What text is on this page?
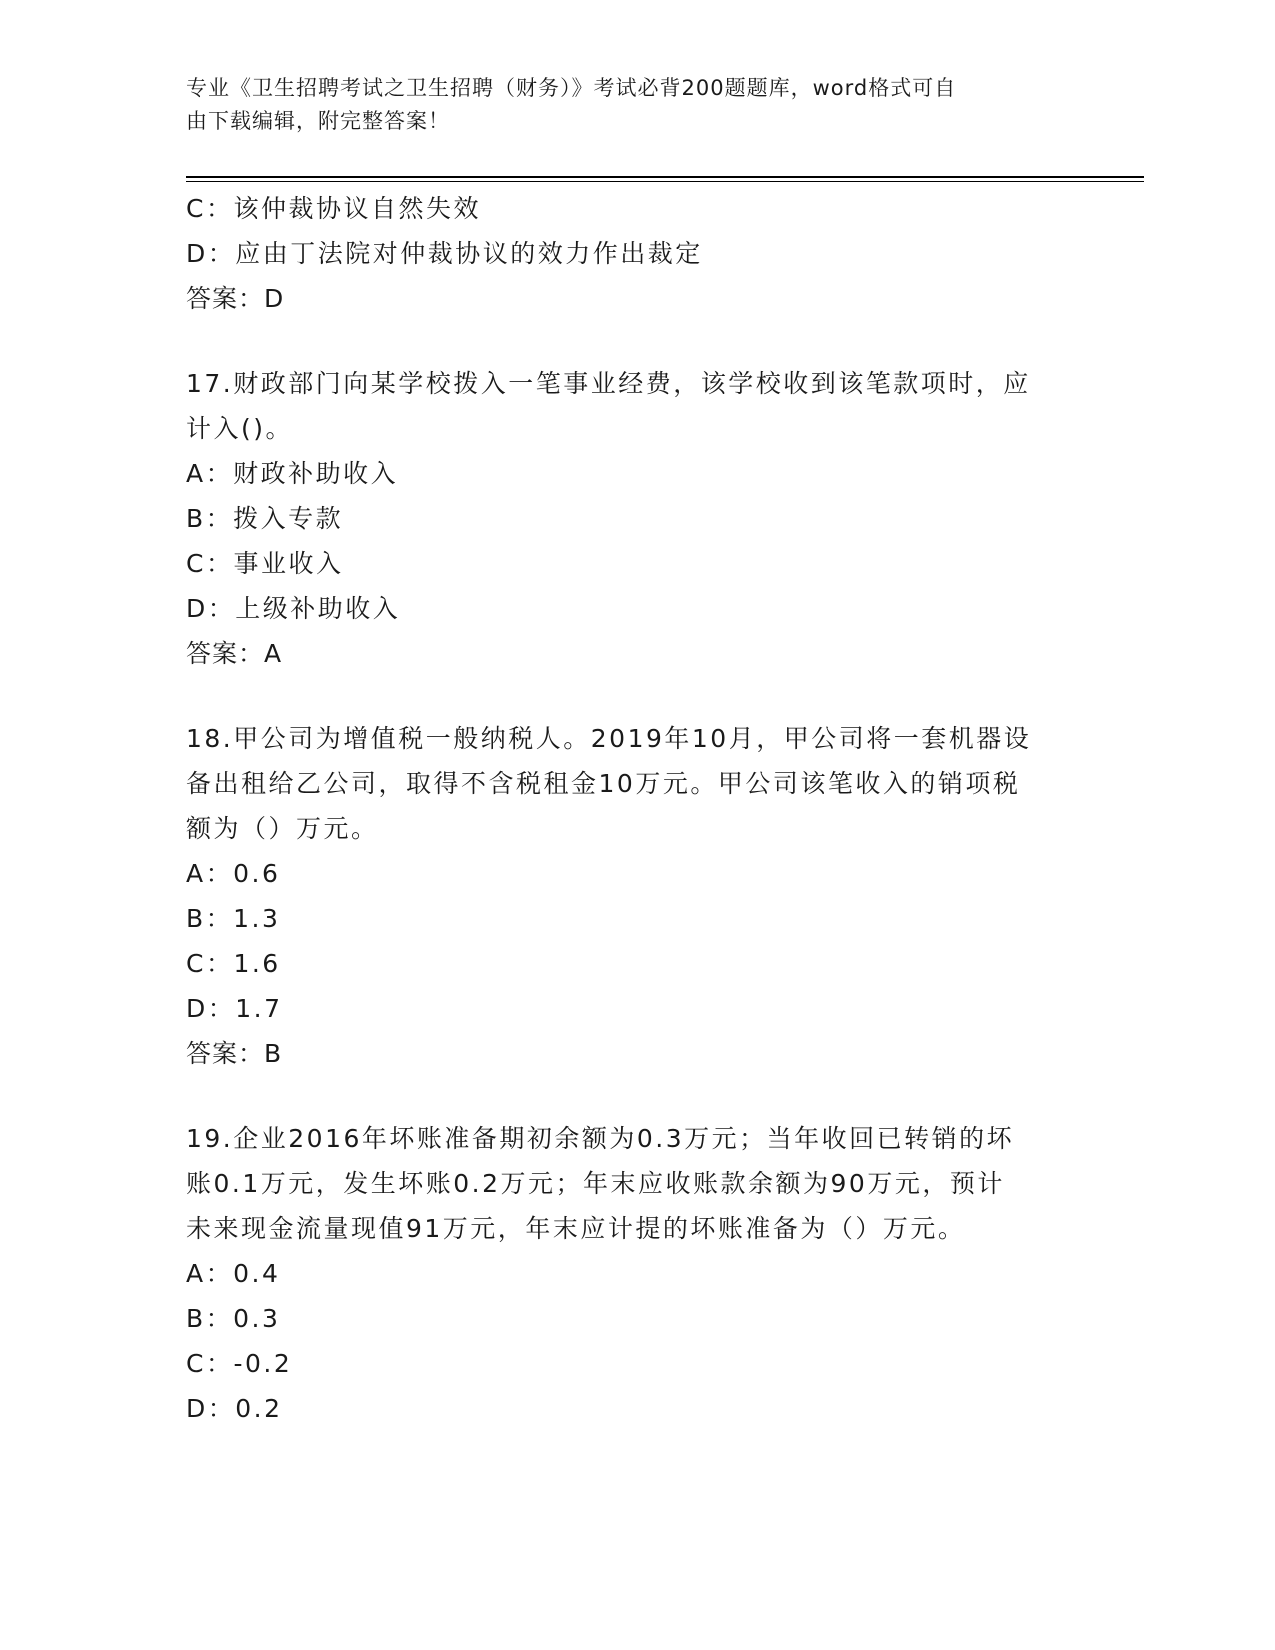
专业《卫生招聘考试之卫生招聘（财务）》考试必背200题题库，word格式可自
由下载编辑，附完整答案！
C：该仲裁协议自然失效
D：应由丁法院对仲裁协议的效力作出裁定
答案：D
17.财政部门向某学校拨入一笔事业经费，该学校收到该笔款项时，应
计入()。
A：财政补助收入
B：拨入专款
C：事业收入
D：上级补助收入
答案：A
18.甲公司为增值税一般纳税人。2019年10月，甲公司将一套机器设
备出租给乙公司，取得不含税租金10万元。甲公司该笔收入的销项税
额为（）万元。
A：0.6
B：1.3
C：1.6
D：1.7
答案：B
19.企业2016年坏账准备期初余额为0.3万元；当年收回已转销的坏
账0.1万元，发生坏账0.2万元；年末应收账款余额为90万元，预计
未来现金流量现值91万元，年末应计提的坏账准备为（）万元。
A：0.4
B：0.3
C：-0.2
D：0.2
